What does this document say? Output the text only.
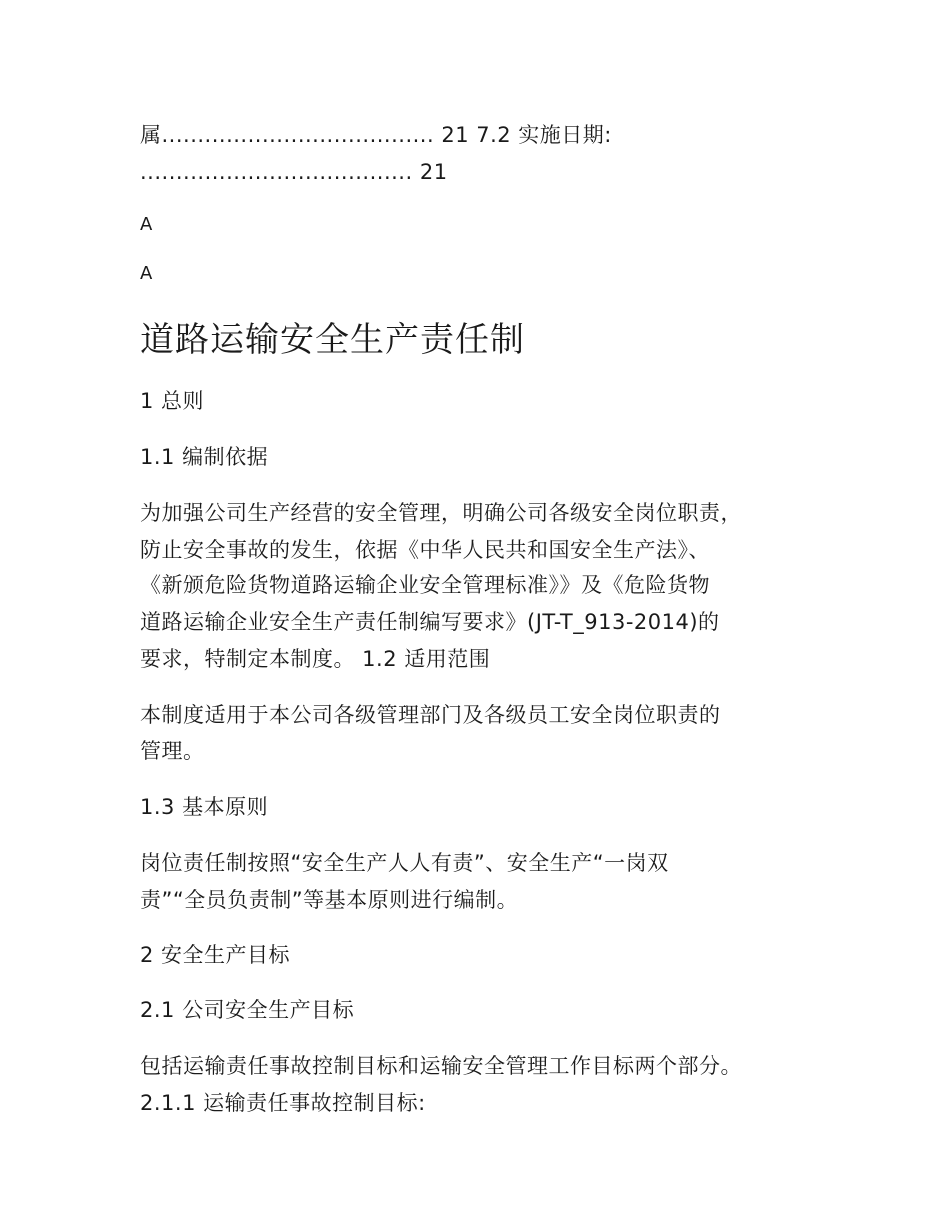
属...................................... 21 7.2 实施日期:
...................................... 21
A
A
道路运输安全生产责任制
1 总则
1.1 编制依据
为加强公司生产经营的安全管理，明确公司各级安全岗位职责，
防止安全事故的发生，依据《中华人民共和国安全生产法》、
《新颁危险货物道路运输企业安全管理标准》》及《危险货物
道路运输企业安全生产责任制编写要求》(JT-T_913-2014)的
要求，特制定本制度。 1.2 适用范围
本制度适用于本公司各级管理部门及各级员工安全岗位职责的
管理。
1.3 基本原则
岗位责任制按照“安全生产人人有责”、安全生产“一岗双
责”“全员负责制”等基本原则进行编制。
2 安全生产目标
2.1 公司安全生产目标
包括运输责任事故控制目标和运输安全管理工作目标两个部分。
2.1.1 运输责任事故控制目标:
